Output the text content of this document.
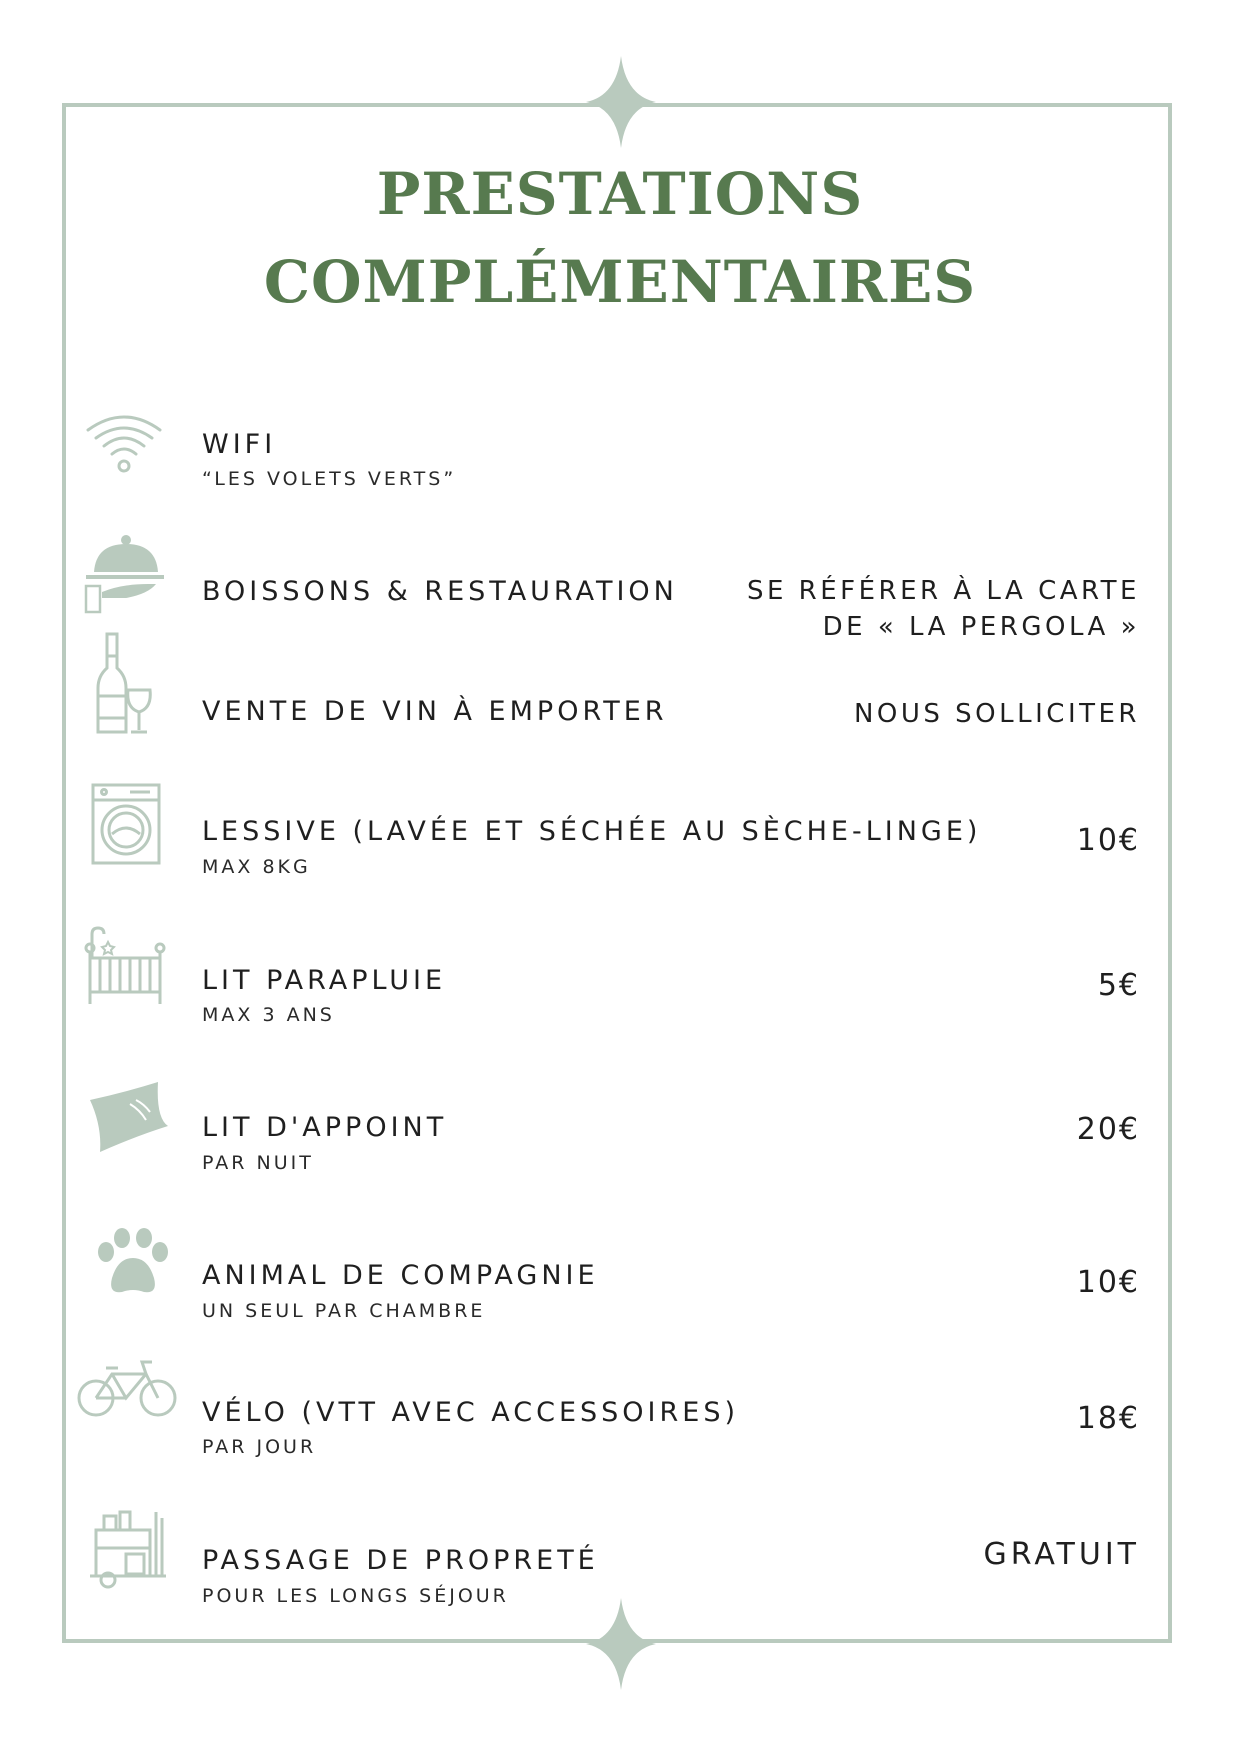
PRESTATIONS
COMPLÉMENTAIRES
WIFI
“LES VOLETS VERTS”
BOISSONS & RESTAURATION	SE RÉFÉRER À LA CARTE
DE « LA PERGOLA »
VENTE DE VIN À EMPORTER	NOUS SOLLICITER
LESSIVE (LAVÉE ET SÉCHÉE AU SÈCHE-LINGE)
MAX 8KG
10€
LIT PARAPLUIE
MAX 3 ANS
5€
LIT D'APPOINT
PAR NUIT
20€
ANIMAL DE COMPAGNIE
UN SEUL PAR CHAMBRE
10€
VÉLO (VTT AVEC ACCESSOIRES)
PAR JOUR
18€
PASSAGE DE PROPRETÉ
POUR LES LONGS SÉJOUR
GRATUIT
